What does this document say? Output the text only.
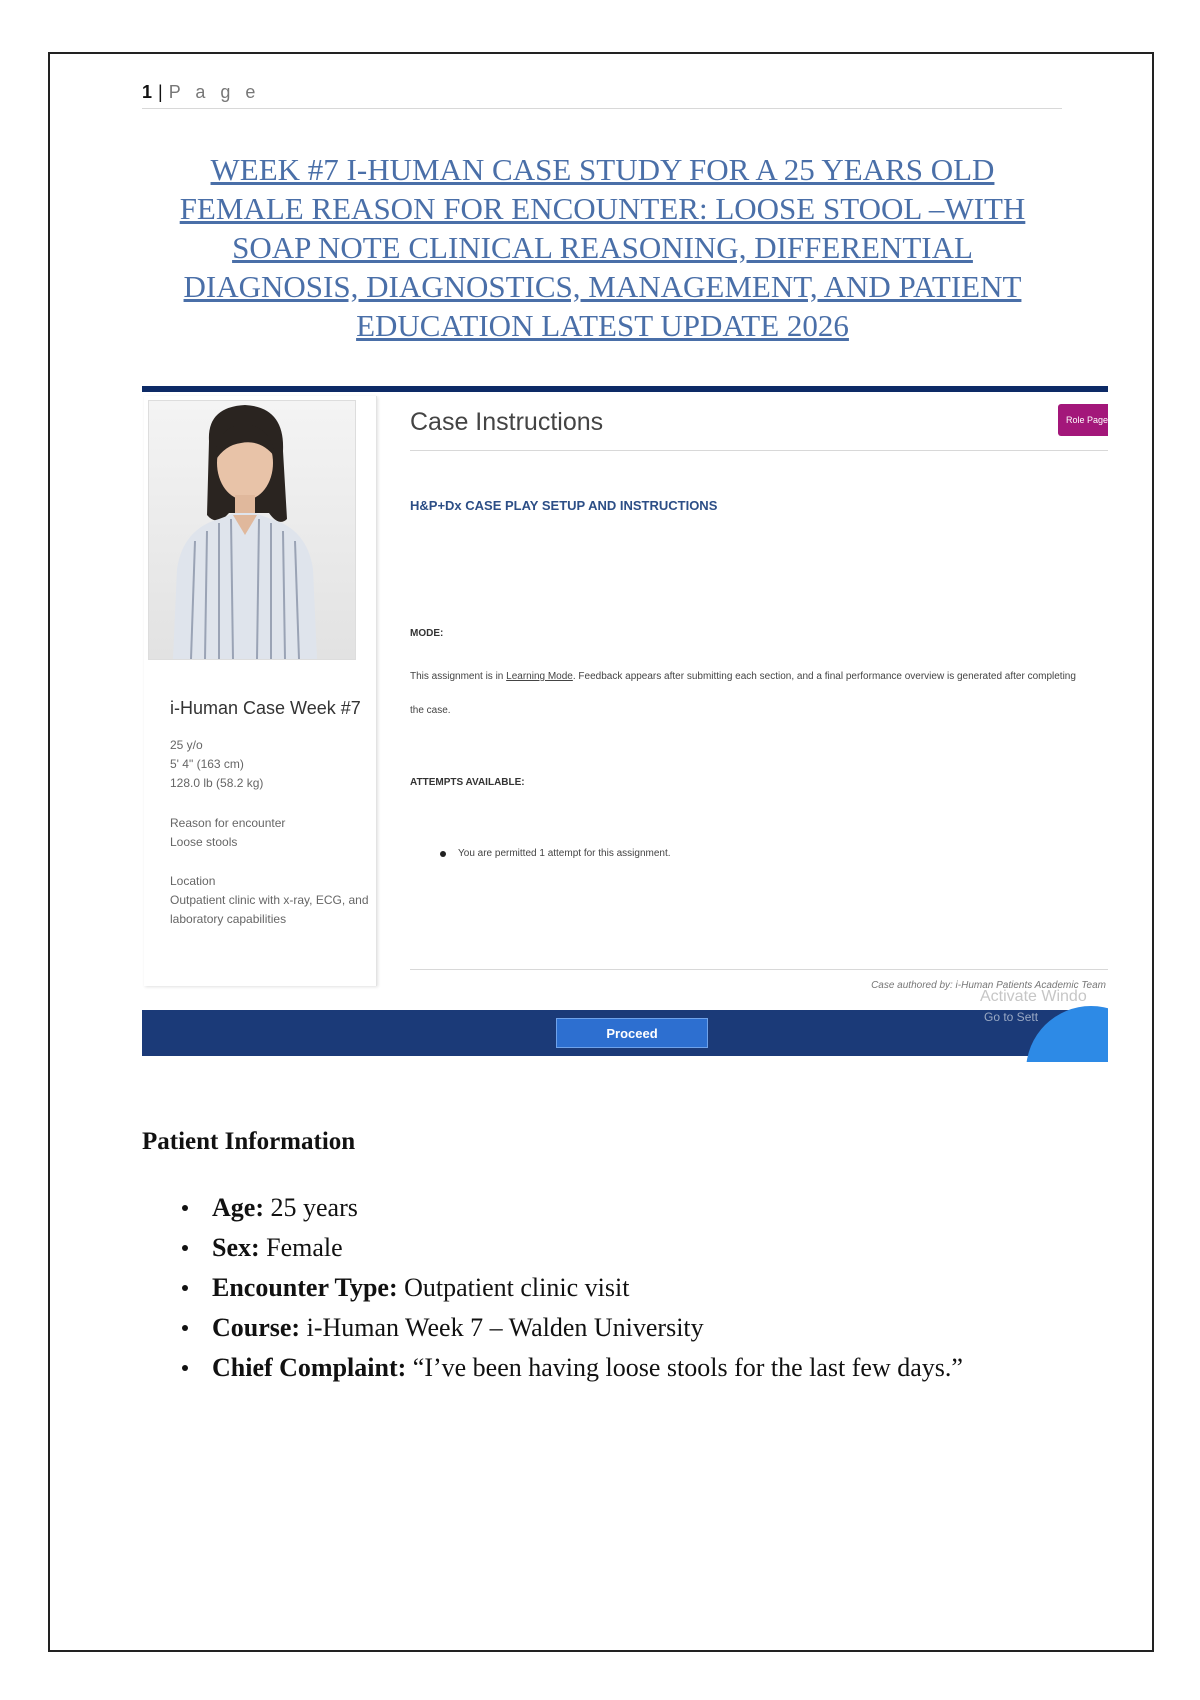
1 | P a g e
WEEK #7 I-HUMAN CASE STUDY FOR A 25 YEARS OLD
FEMALE REASON FOR ENCOUNTER: LOOSE STOOL –WITH
SOAP NOTE CLINICAL REASONING, DIFFERENTIAL
DIAGNOSIS, DIAGNOSTICS, MANAGEMENT, AND PATIENT
EDUCATION LATEST UPDATE 2026
i-Human Case Week #7
25 y/o
5' 4" (163 cm)
128.0 lb (58.2 kg)
Reason for encounter
Loose stools
Location
Outpatient clinic with x-ray, ECG, and
laboratory capabilities
Case Instructions	Role Page
H&P+Dx CASE PLAY SETUP AND INSTRUCTIONS
MODE:
This assignment is in Learning Mode. Feedback appears after submitting each section, and a final performance overview is generated after completing
the case.
ATTEMPTS AVAILABLE:
You are permitted 1 attempt for this assignment.
Case authored by: i-Human Patients Academic Team
Activate Windo
Go to Sett
Proceed
Patient Information
Age: 25 years
Sex: Female
Encounter Type: Outpatient clinic visit
Course: i-Human Week 7 – Walden University
Chief Complaint: “I’ve been having loose stools for the last few days.”
